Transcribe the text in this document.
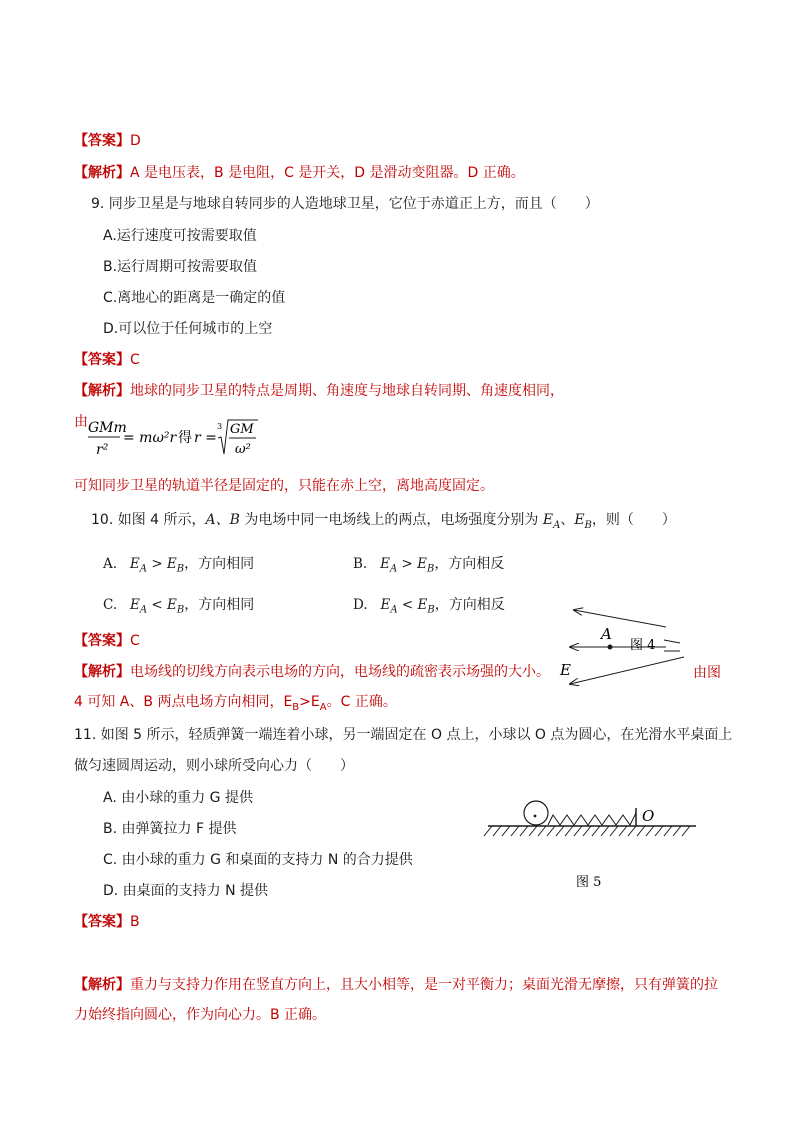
【答案】D
【解析】A 是电压表，B 是电阻，C 是开关，D 是滑动变阻器。D 正确。
9. 同步卫星是与地球自转同步的人造地球卫星，它位于赤道正上方，而且（　　）
A.运行速度可按需要取值
B.运行周期可按需要取值
C.离地心的距离是一确定的值
D.可以位于任何城市的上空
【答案】C
【解析】地球的同步卫星的特点是周期、角速度与地球自转同期、角速度相同，
由 GMm
r²
= mω²r 得 r =
3 GM
ω²
可知同步卫星的轨道半径是固定的，只能在赤上空，离地高度固定。
10. 如图 4 所示，A、B 为电场中同一电场线上的两点，电场强度分别为 $E_A$、$E_B$，则（　　）
A. $E_A > E_B$，方向相同	B. $E_A > E_B$，方向相反
C. $E_A < E_B$，方向相同	D. $E_A < E_B$，方向相反
A
图 4
E
【答案】C
【解析】电场线的切线方向表示电场的方向，电场线的疏密表示场强的大小。	由图
4 可知 A、B 两点电场方向相同，$E_B>E_A$。C 正确。
11. 如图 5 所示，轻质弹簧一端连着小球，另一端固定在 O 点上，小球以 O 点为圆心，在光滑水平桌面上
做匀速圆周运动，则小球所受向心力（　　）
A. 由小球的重力 G 提供
B. 由弹簧拉力 F 提供
C. 由小球的重力 G 和桌面的支持力 N 的合力提供
D. 由桌面的支持力 N 提供
O
图 5
【答案】B
【解析】重力与支持力作用在竖直方向上，且大小相等，是一对平衡力；桌面光滑无摩擦，只有弹簧的拉
力始终指向圆心，作为向心力。B 正确。
